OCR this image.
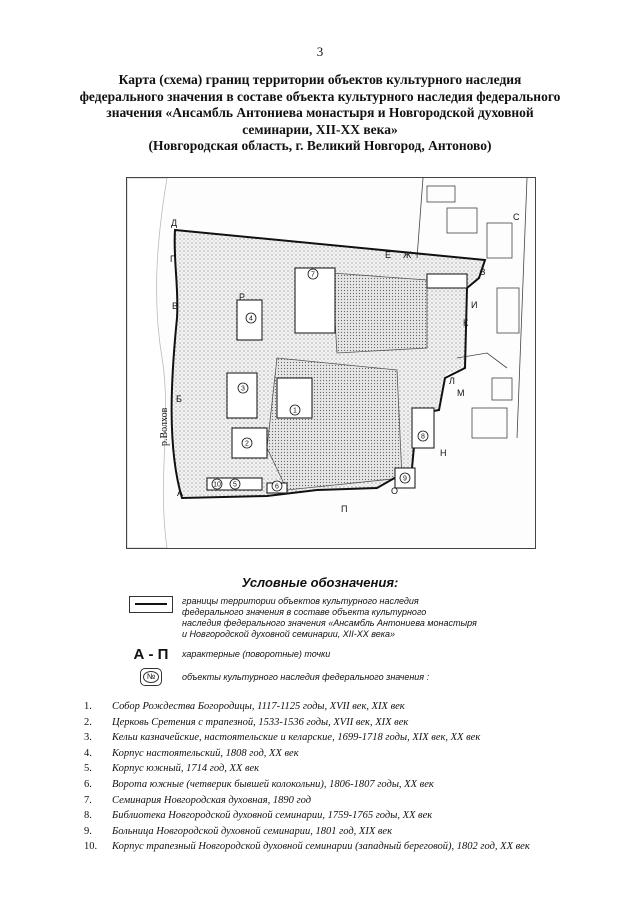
3
Карта (схема) границ территории объектов культурного наследия
федерального значения в составе объекта культурного наследия федерального
значения «Ансамбль Антониева монастыря и Новгородской духовной
семинарии, XII-XX века»
(Новгородская область, г. Великий Новгород, Антоново)
1
2
3
4
5	6
7
8
9
10
А
Б
В
Г
Д
Е Ж
З
И
К
Л
М
Н
О
П
Р
С
р.Волхов
Условные обозначения:
границы территории объектов культурного наследия
федерального значения в составе объекта культурного
наследия федерального значения «Ансамбль Антониева монастыря
и Новгородской духовной семинарии, XII-XX века»
А - П характерные (поворотные) точки
№	объекты культурного наследия федерального значения :
1.	Собор Рождества Богородицы, 1117-1125 годы, XVII век, XIX век
2.	Церковь Сретения с трапезной, 1533-1536 годы, XVII век, XIX век
3.	Кельи казначейские, настоятельские и келарские, 1699-1718 годы, XIX век, XX век
4.	Корпус настоятельский, 1808 год, XX век
5.	Корпус южный, 1714 год, XX век
6.	Ворота южные (четверик бывшей колокольни), 1806-1807 годы, XX век
7.	Семинария Новгородская духовная, 1890 год
8.	Библиотека Новгородской духовной семинарии, 1759-1765 годы, XX век
9.	Больница Новгородской духовной семинарии, 1801 год, XIX век
10.	Корпус трапезный Новгородской духовной семинарии (западный береговой), 1802 год, XX век
